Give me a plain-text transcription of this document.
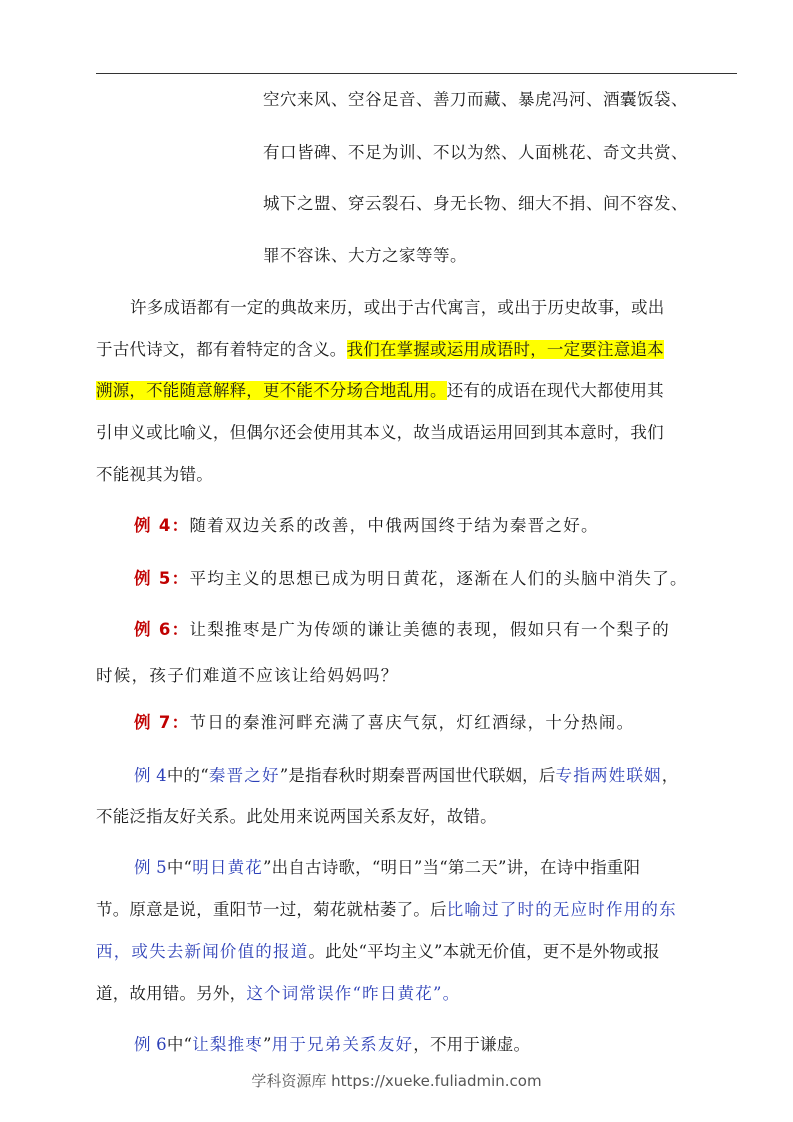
空穴来风、空谷足音、善刀而藏、暴虎冯河、酒囊饭袋、
有口皆碑、不足为训、不以为然、人面桃花、奇文共赏、
城下之盟、穿云裂石、身无长物、细大不捐、间不容发、
罪不容诛、大方之家等等。
许多成语都有一定的典故来历，或出于古代寓言，或出于历史故事，或出
于古代诗文，都有着特定的含义。我们在掌握或运用成语时，一定要注意追本
溯源，不能随意解释，更不能不分场合地乱用。还有的成语在现代大都使用其
引申义或比喻义，但偶尔还会使用其本义，故当成语运用回到其本意时，我们
不能视其为错。
例 4：随着双边关系的改善，中俄两国终于结为秦晋之好。
例 5：平均主义的思想已成为明日黄花，逐渐在人们的头脑中消失了。
例 6：让梨推枣是广为传颂的谦让美德的表现，假如只有一个梨子的
时候，孩子们难道不应该让给妈妈吗？
例 7：节日的秦淮河畔充满了喜庆气氛，灯红酒绿，十分热闹。
例 4中的“秦晋之好”是指春秋时期秦晋两国世代联姻，后专指两姓联姻，
不能泛指友好关系。此处用来说两国关系友好，故错。
例 5中“明日黄花”出自古诗歌，“明日”当“第二天”讲，在诗中指重阳
节。原意是说，重阳节一过，菊花就枯萎了。后比喻过了时的无应时作用的东
西，或失去新闻价值的报道。此处“平均主义”本就无价值，更不是外物或报
道，故用错。另外，这个词常误作“昨日黄花”。
例 6中“让梨推枣”用于兄弟关系友好，不用于谦虚。
学科资源库 https://xueke.fuliadmin.com
